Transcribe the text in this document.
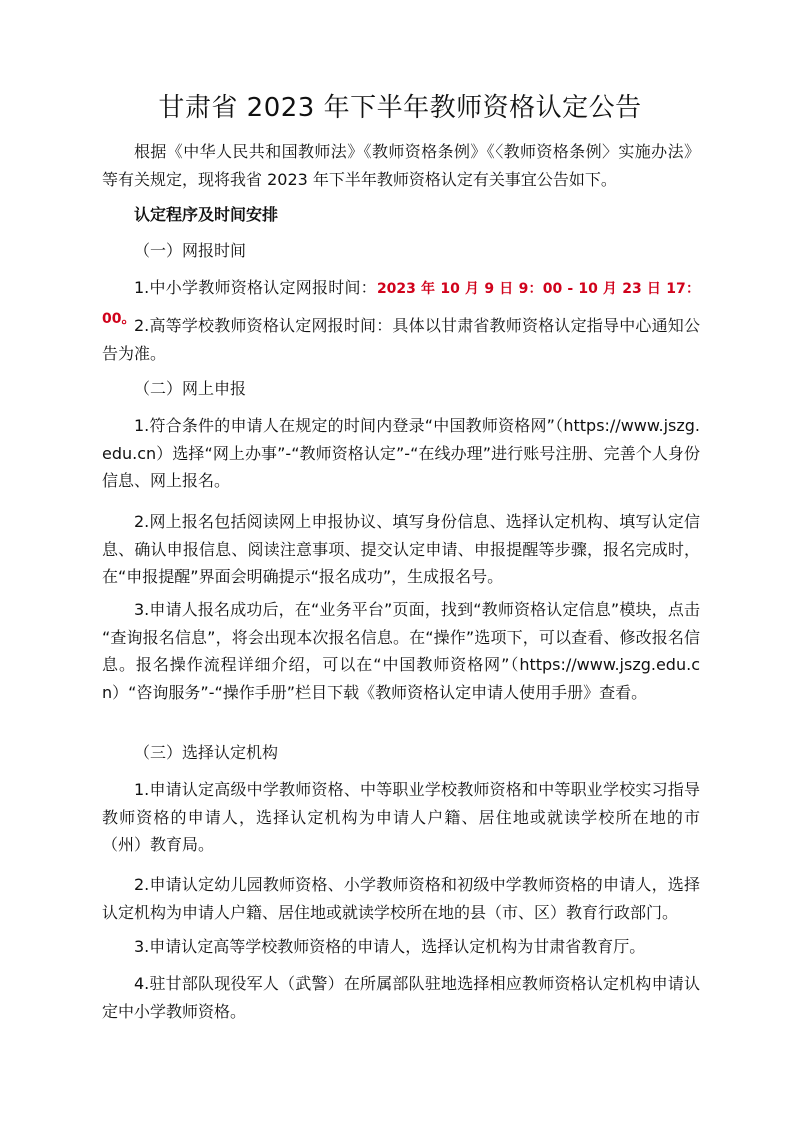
甘肃省 2023 年下半年教师资格认定公告

根据《中华人民共和国教师法》《教师资格条例》《〈教师资格条例〉实施办法》等有关规定，现将我省 2023 年下半年教师资格认定有关事宜公告如下。

认定程序及时间安排

（一）网报时间

1.中小学教师资格认定网报时间：2023 年 10 月 9 日 9：00 - 10 月 23 日 17：00。

2.高等学校教师资格认定网报时间：具体以甘肃省教师资格认定指导中心通知公告为准。

（二）网上申报

1.符合条件的申请人在规定的时间内登录“中国教师资格网”（https://www.jszg.edu.cn）选择“网上办事”-“教师资格认定”-“在线办理”进行账号注册、完善个人身份信息、网上报名。

2.网上报名包括阅读网上申报协议、填写身份信息、选择认定机构、填写认定信息、确认申报信息、阅读注意事项、提交认定申请、申报提醒等步骤，报名完成时，在“申报提醒”界面会明确提示“报名成功”，生成报名号。

3.申请人报名成功后，在“业务平台”页面，找到“教师资格认定信息”模块，点击 “查询报名信息”，将会出现本次报名信息。在“操作”选项下，可以查看、修改报名信息。报名操作流程详细介绍，可以在“中国教师资格网”（https://www.jszg.edu.cn）“咨询服务”-“操作手册”栏目下载《教师资格认定申请人使用手册》查看。

（三）选择认定机构

1.申请认定高级中学教师资格、中等职业学校教师资格和中等职业学校实习指导教师资格的申请人，选择认定机构为申请人户籍、居住地或就读学校所在地的市（州）教育局。

2.申请认定幼儿园教师资格、小学教师资格和初级中学教师资格的申请人，选择认定机构为申请人户籍、居住地或就读学校所在地的县（市、区）教育行政部门。

3.申请认定高等学校教师资格的申请人，选择认定机构为甘肃省教育厅。

4.驻甘部队现役军人（武警）在所属部队驻地选择相应教师资格认定机构申请认定中小学教师资格。
